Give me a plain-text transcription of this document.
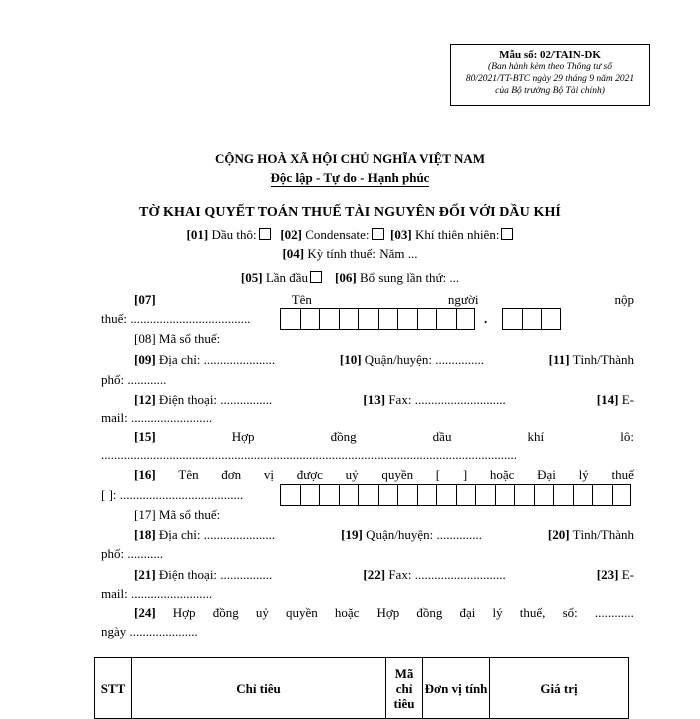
Mẫu số: 02/TAIN-DK
(Ban hành kèm theo Thông tư số
80/2021/TT-BTC ngày 29 tháng 9 năm 2021
của Bộ trưởng Bộ Tài chính)
CỘNG HOÀ XÃ HỘI CHỦ NGHĨA VIỆT NAM
Độc lập - Tự do - Hạnh phúc
TỜ KHAI QUYẾT TOÁN THUẾ TÀI NGUYÊN ĐỐI VỚI DẦU KHÍ
[01] Dầu thô: [02] Condensate: [03] Khí thiên nhiên:
[04] Kỳ tính thuế: Năm ...
[05] Lần đầu [06] Bổ sung lần thứ: ...
[07]	Tên	người	nộp
thuế: .....................................	.
[08] Mã số thuế:
[09] Địa chỉ: ......................	[10] Quận/huyện: ...............	[11] Tỉnh/Thành
phố: ............
[12] Điện thoại: ................	[13] Fax: ............................	[14] E-
mail: .........................
[15]	Hợp	đồng	dầu	khí	lô:
................................................................................................................................
[16] Tên đơn vị được uỷ quyền [ ] hoặc Đại lý thuế
[ ]: ......................................
[17] Mã số thuế:
[18] Địa chỉ: ......................	[19] Quận/huyện: ..............	[20] Tỉnh/Thành
phố: ...........
[21] Điện thoại: ................	[22] Fax: ............................	[23] E-
mail: .........................
[24] Hợp đồng uỷ quyền hoặc Hợp đồng đại lý thuế, số: ............
ngày .....................
STT	Chỉ tiêu	Mã chỉ tiêu	Đơn vị tính	Giá trị
